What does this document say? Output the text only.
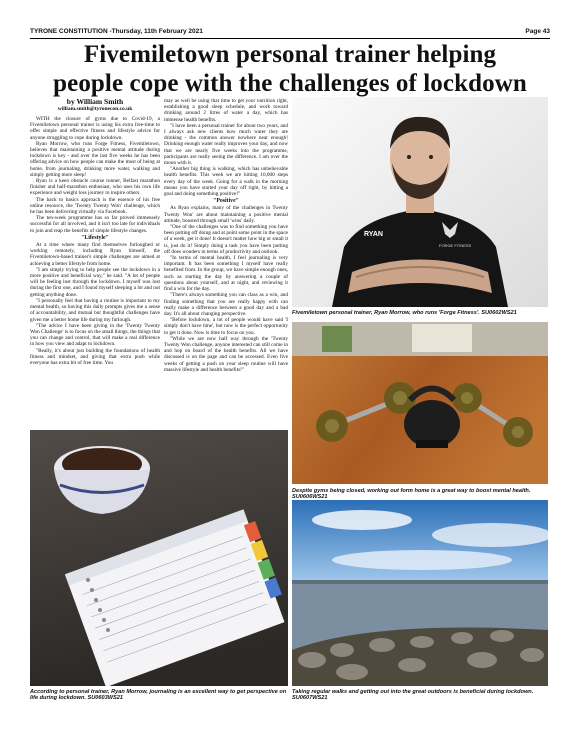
TYRONE CONSTITUTION -Thursday, 11th February 2021	Page 43
Fivemiletown personal trainer helping
people cope with the challenges of lockdown
by William Smith
william.smith@tyronecon.co.uk

WITH the closure of gyms due to Covid-19, a Fivemiletown personal trainer is using his extra free-time to offer simple and effective fitness and lifestyle advice for anyone struggling to cope during lockdown.

Ryan Morrow, who runs Forge Fitness, Fivemiletown, believes that maintaining a positive mental attitude during lockdown is key - and over the last five weeks he has been offering advice on how people can make the most of being at home, from journaling, drinking more water, walking and simply getting more sleep!

Ryan is a keen obstacle course runner, Belfast marathon finisher and half-marathon enthusiast, who uses his own life experience and weight loss journey to inspire others.

The back to basics approach is the essence of his free online resource, the 'Twenty Twenty Won' challenge, which he has been delivering virtually via Facebook.

The ten-week programme has so far proved immensely successful for all involved, and it isn't too late for individuals to join and reap the benefits of simple lifestyle changes.

"Lifestyle"

At a time where many find themselves furloughed or working remotely, including Ryan himself, the Fivemiletown-based trainer's simple challenges are aimed at achieving a better lifestyle from home.

"I am simply trying to help people see the lockdown in a more positive and beneficial way," he said. "A lot of people will be feeling lost through the lockdown. I myself was lost during the first one, and I found myself sleeping a lot and not getting anything done.

"I personally feel that having a routine is important to my mental health, so having this daily prompts gives me a sense of accountability, and mutual but thoughtful challenges have given me a better home life during my furlough.

"The advice I have been giving in the 'Twenty Twenty Won Challenge' is to focus on the small things, the things that you can change and control, that will make a real difference in how you view and adapt to lockdown.

"Really, it's about just building the foundations of health fitness and mindset, and giving that extra push while everyone has extra bit of free time. You

may as well be using that time to get your nutrition right, establishing a good sleep schedule, and work toward drinking around 2 litres of water a day, which has immense health benefits.

"I have been a personal trainer for about two years, and I always ask new clients how much water they are drinking - the common answer nowhere near enough! Drinking enough water really improves your day, and now that we are nearly five weeks into the programme, participants are really seeing the difference. I am over the moon with it.

"Another big thing is walking, which has unbelievable health benefits. This week we are hitting 10,000 steps every day of the week. Going for a walk in the morning means you have started your day off right, by hitting a goal and doing something positive!"

"Positive"

As Ryan explains, many of the challenges in Twenty Twenty Won' are about maintaining a positive mental attitude, boosted through small 'wins' daily.

"One of the challenges was to find something you have been putting off doing and at point some point in the space of a week, get it done! It doesn't matter how big or small it is, just do it! Simply doing a task you have been putting off does wonders in terms of productivity and outlook.

"In terms of mental health, I feel journaling is very important. It has been something I myself have really benefited from. In the group, we have simple enough ones, such as starting the day by answering a couple of questions about yourself, and at night, and reviewing it find a win for the day.

"There's always something you can class as a win, and finding something that you are really happy with can really make a difference between a good day and a bad day. It's all about changing perspective.

"Before lockdown, a lot of people would have said 'I simply don't have time', but now is the perfect opportunity to get it done. Now is time to focus on you.

"While we are now half way through the 'Twenty Twenty Won challenge, anyone interested can still come in and hop on board of the health benefits. All we have discussed is on the page and can be accessed. Even five weeks of getting a push on your sleep routine will have massive lifestyle and health benefits!"

RYAN
FORGE FITNESS
Fivemiletown personal trainer, Ryan Morrow, who runs 'Forge Fitness'. SU0602WS21
Despite gyms being closed, working out form home is a great way to boost mental health. SU0606WS21
According to personal trainer, Ryan Morrow, journaling is an excellent way to get perspective on life during lockdown. SU0603WS21
Taking regular walks and getting out into the great outdoors is beneficial during lockdown. SU0607WS21
